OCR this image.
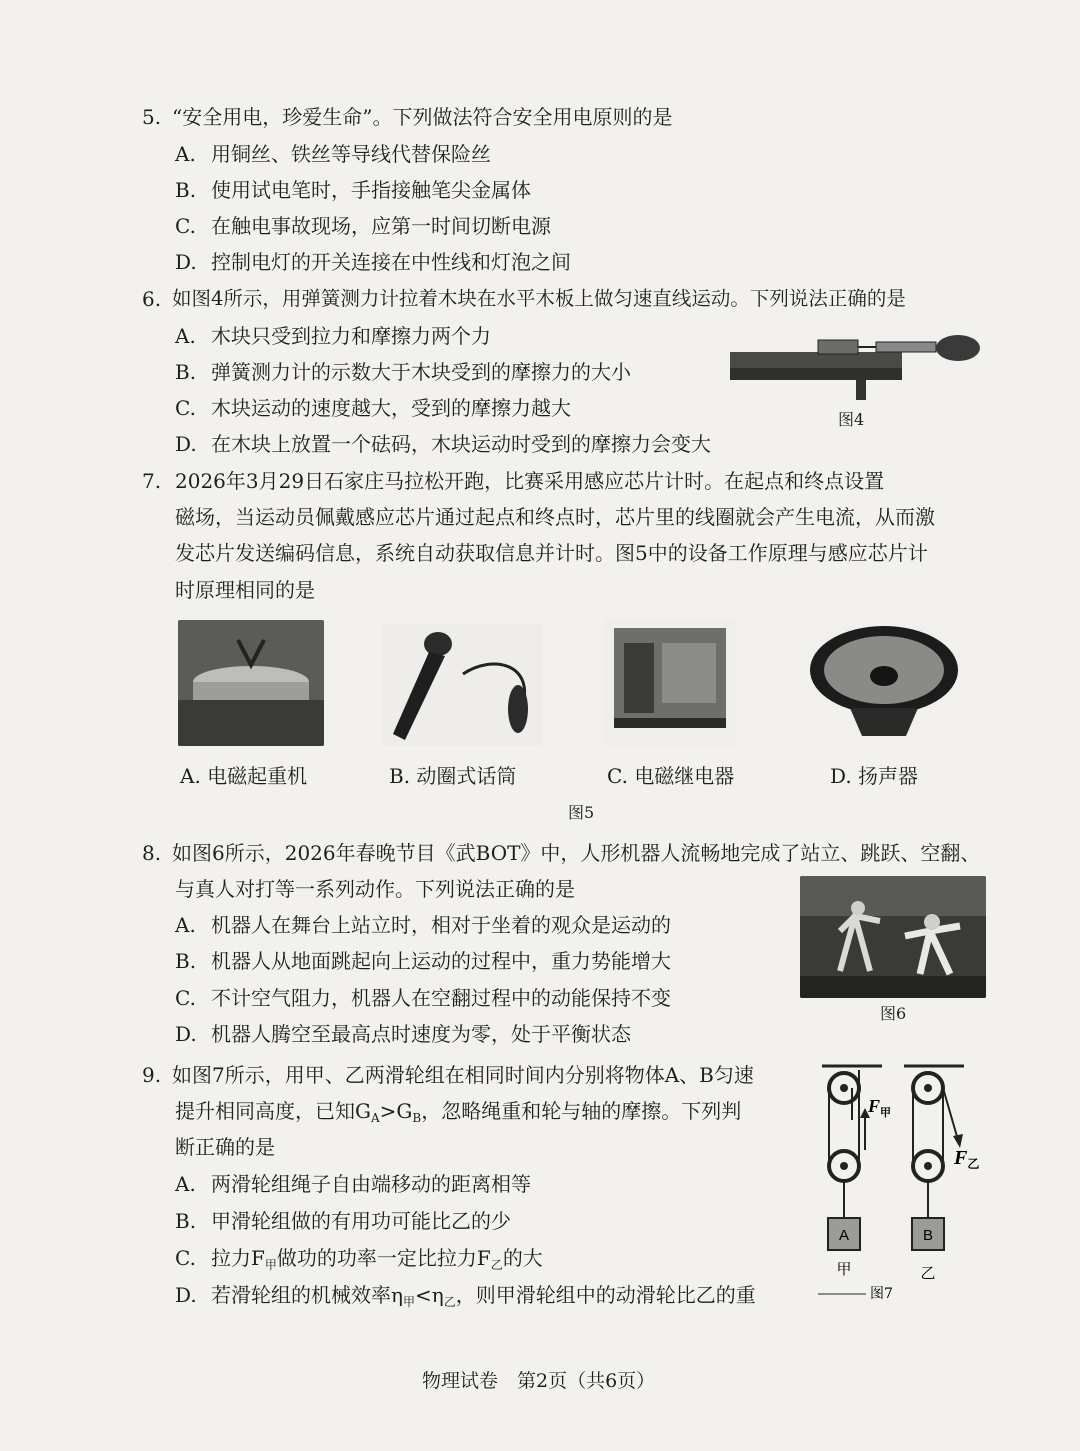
5. “安全用电，珍爱生命”。下列做法符合安全用电原则的是
A. 用铜丝、铁丝等导线代替保险丝
B. 使用试电笔时，手指接触笔尖金属体
C. 在触电事故现场，应第一时间切断电源
D. 控制电灯的开关连接在中性线和灯泡之间
6. 如图4所示，用弹簧测力计拉着木块在水平木板上做匀速直线运动。下列说法正确的是
A. 木块只受到拉力和摩擦力两个力
B. 弹簧测力计的示数大于木块受到的摩擦力的大小
C. 木块运动的速度越大，受到的摩擦力越大
D. 在木块上放置一个砝码，木块运动时受到的摩擦力会变大
图4
7. 2026年3月29日石家庄马拉松开跑，比赛采用感应芯片计时。在起点和终点设置
磁场，当运动员佩戴感应芯片通过起点和终点时，芯片里的线圈就会产生电流，从而激
发芯片发送编码信息，系统自动获取信息并计时。图5中的设备工作原理与感应芯片计
时原理相同的是
A. 电磁起重机	B. 动圈式话筒	C. 电磁继电器	D. 扬声器
图5
8. 如图6所示，2026年春晚节目《武BOT》中，人形机器人流畅地完成了站立、跳跃、空翻、
与真人对打等一系列动作。下列说法正确的是
A. 机器人在舞台上站立时，相对于坐着的观众是运动的
B. 机器人从地面跳起向上运动的过程中，重力势能增大
C. 不计空气阻力，机器人在空翻过程中的动能保持不变
D. 机器人腾空至最高点时速度为零，处于平衡状态
图6
9. 如图7所示，用甲、乙两滑轮组在相同时间内分别将物体A、B匀速
提升相同高度，已知$G_A>G_B$，忽略绳重和轮与轴的摩擦。下列判
断正确的是
A. 两滑轮组绳子自由端移动的距离相等
B. 甲滑轮组做的有用功可能比乙的少
C. 拉力$F_甲$做功的功率一定比拉力$F_乙$的大
D. 若滑轮组的机械效率$\eta_甲<\eta_乙$，则甲滑轮组中的动滑轮比乙的重
A
$F_甲$
B
$F_乙$
甲	乙
图7
物理试卷　第2页（共6页）
